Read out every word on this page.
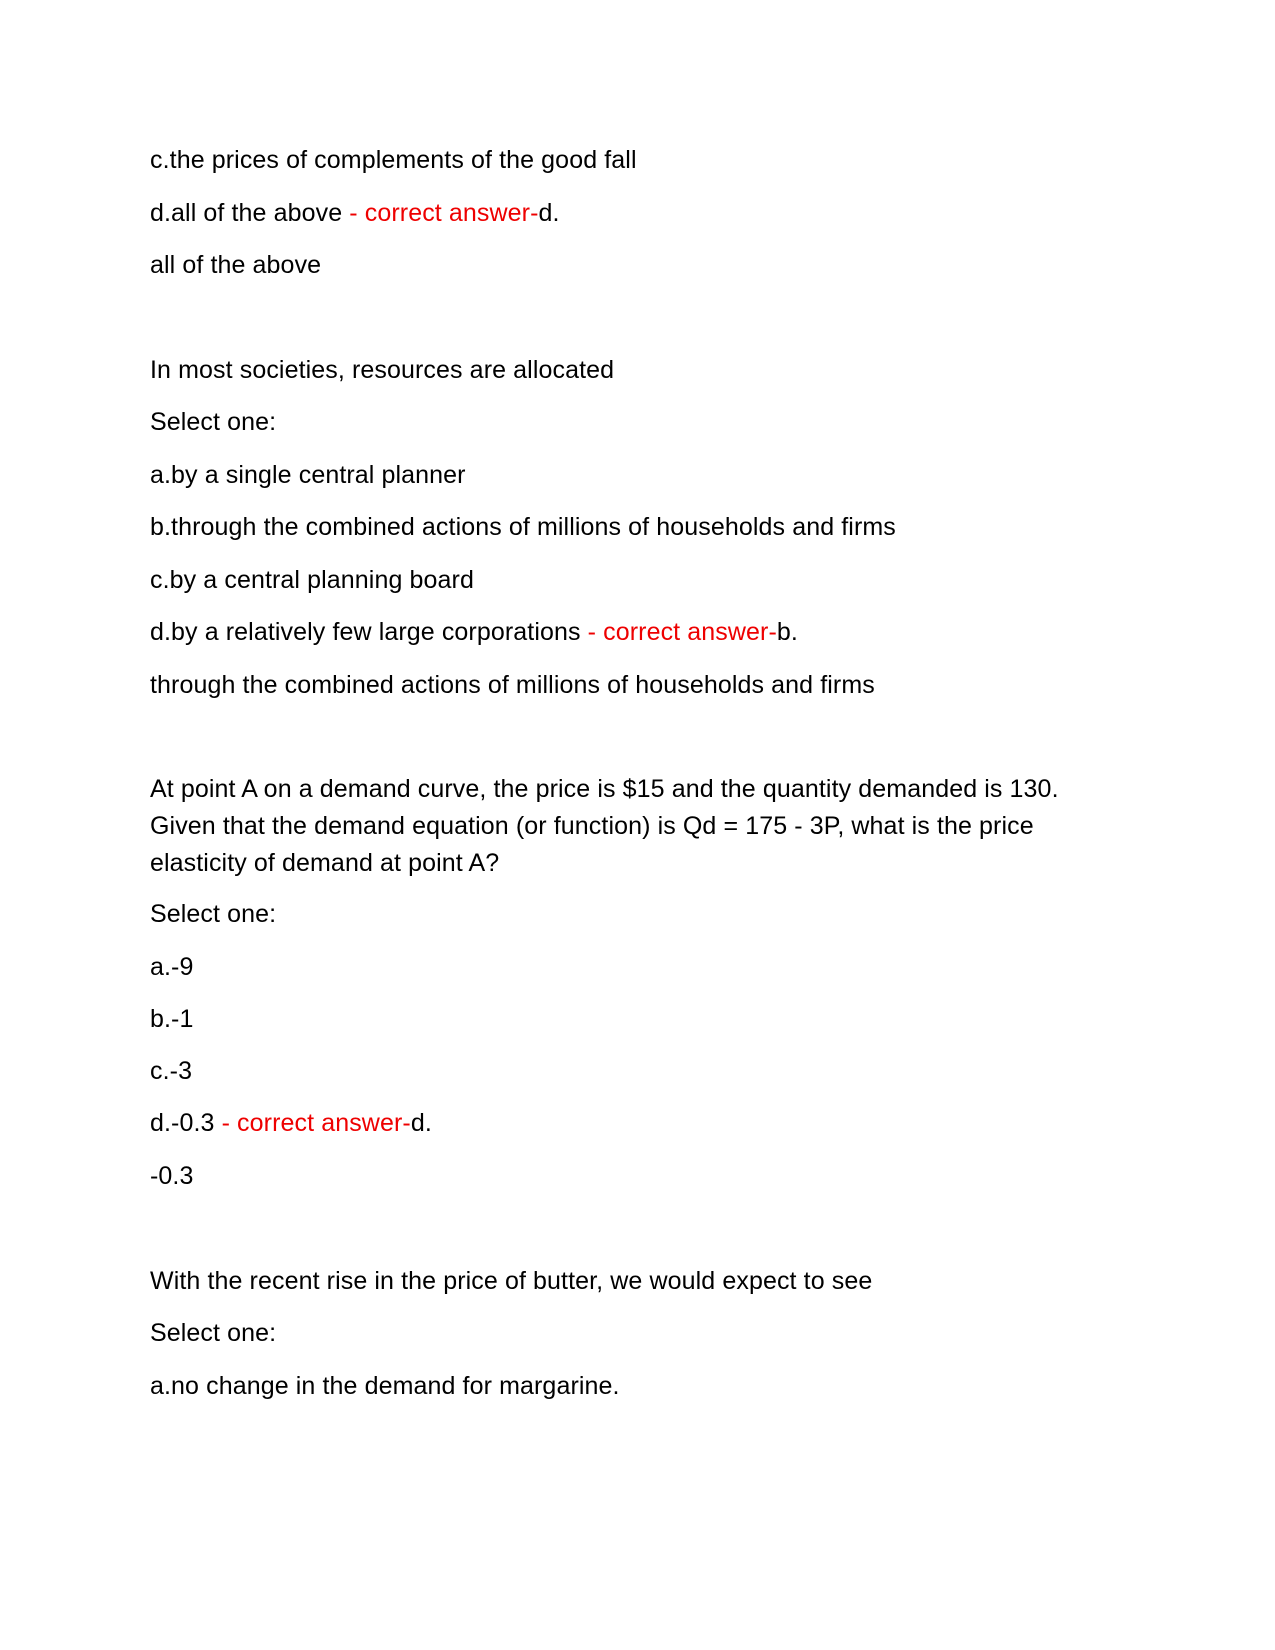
c.the prices of complements of the good fall
d.all of the above - correct answer-d.
all of the above
In most societies, resources are allocated
Select one:
a.by a single central planner
b.through the combined actions of millions of households and firms
c.by a central planning board
d.by a relatively few large corporations - correct answer-b.
through the combined actions of millions of households and firms
At point A on a demand curve, the price is $15 and the quantity demanded is 130.
Given that the demand equation (or function) is Qd = 175 - 3P, what is the price
elasticity of demand at point A?
Select one:
a.-9
b.-1
c.-3
d.-0.3 - correct answer-d.
-0.3
With the recent rise in the price of butter, we would expect to see
Select one:
a.no change in the demand for margarine.
